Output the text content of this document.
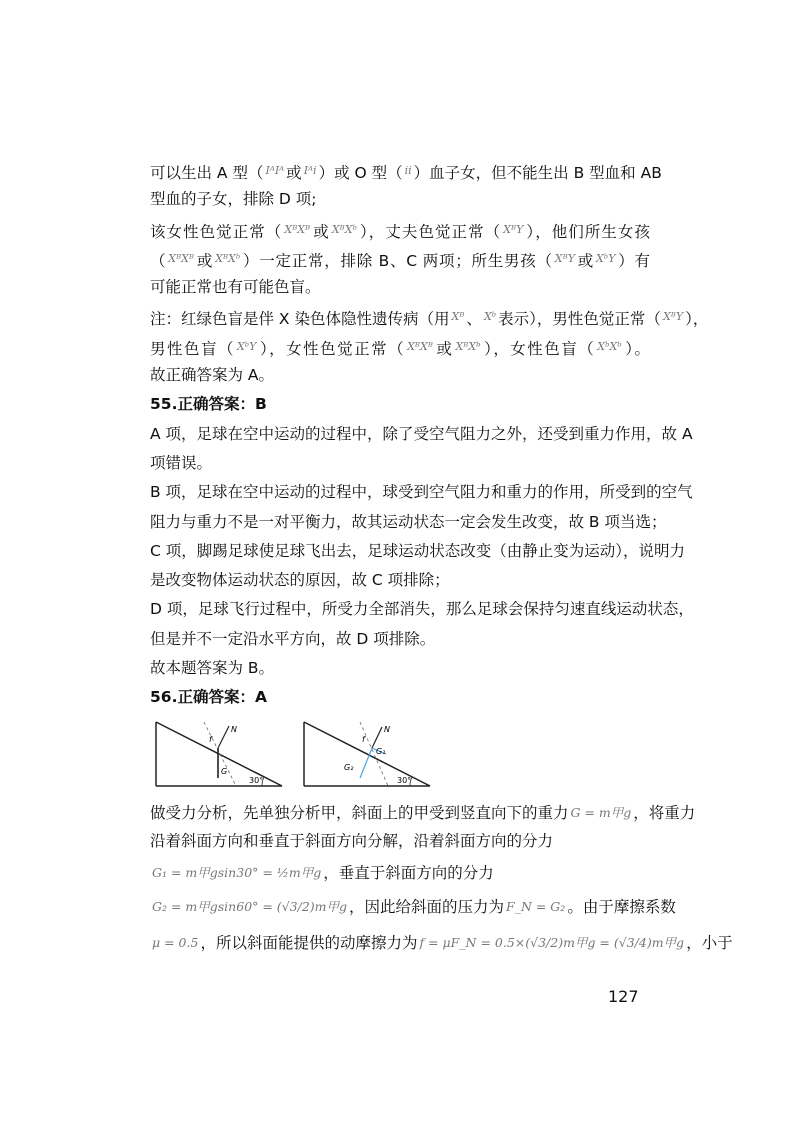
可以生出 A 型（ $^{IᴬIᴬ}$ 或 $^{Iᴬi}$ ）或 O 型（ $^{ii}$ ）血子女，但不能生出 B 型血和 AB
型血的子女，排除 D 项;
该女性色觉正常（ $^{XᴮXᴮ}$ 或 $^{XᴮXᵇ}$ ），丈夫色觉正常（ $^{XᴮY}$ ），他们所生女孩
（ $^{XᴮXᴮ}$ 或 $^{XᴮXᵇ}$ ）一定正常，排除 B、C 两项；所生男孩（ $^{XᴮY}$ 或 $^{XᵇY}$ ）有
可能正常也有可能色盲。
注：红绿色盲是伴 X 染色体隐性遗传病（用 $^{Xᴮ}$ 、 $^{Xᵇ}$ 表示），男性色觉正常（ $^{XᴮY}$ ），
男性色盲（ $^{XᵇY}$ ），女性色觉正常（ $^{XᴮXᴮ}$ 或 $^{XᴮXᵇ}$ ），女性色盲（ $^{XᵇXᵇ}$ ）。
故正确答案为 A。
55.正确答案：B
A 项，足球在空中运动的过程中，除了受空气阻力之外，还受到重力作用，故 A
项错误。
B 项，足球在空中运动的过程中，球受到空气阻力和重力的作用，所受到的空气
阻力与重力不是一对平衡力，故其运动状态一定会发生改变，故 B 项当选；
C 项，脚踢足球使足球飞出去，足球运动状态改变（由静止变为运动），说明力
是改变物体运动状态的原因，故 C 项排除；
D 项，足球飞行过程中，所受力全部消失，那么足球会保持匀速直线运动状态，
但是并不一定沿水平方向，故 D 项排除。
故本题答案为 B。
56.正确答案：A
N
f
G
30°
N
f
G₁
G₂
30°
做受力分析，先单独分析甲，斜面上的甲受到竖直向下的重力 G = m甲g ，将重力
沿着斜面方向和垂直于斜面方向分解，沿着斜面方向的分力
G₁ = m甲gsin30° = ½m甲g ，垂直于斜面方向的分力
G₂ = m甲gsin60° = (√3/2)m甲g ，因此给斜面的压力为 F_N = G₂ 。由于摩擦系数
μ = 0.5 ，所以斜面能提供的动摩擦力为 f = μF_N = 0.5×(√3/2)m甲g = (√3/4)m甲g ，小于
127
